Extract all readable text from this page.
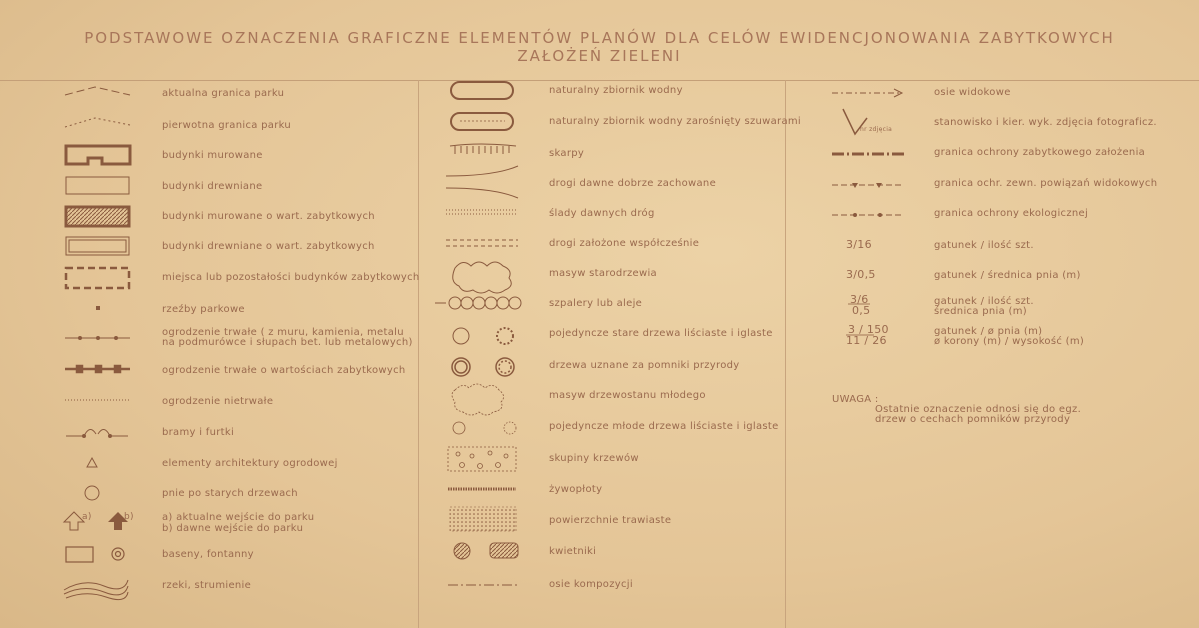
PODSTAWOWE OZNACZENIA GRAFICZNE ELEMENTÓW PLANÓW DLA CELÓW EWIDENCJONOWANIA ZABYTKOWYCH
ZAŁOŻEŃ ZIELENI
aktualna granica parku
pierwotna granica parku
budynki murowane
budynki drewniane
budynki murowane o wart. zabytkowych
budynki drewniane o wart. zabytkowych
miejsca lub pozostałości budynków zabytkowych
rzeźby parkowe
ogrodzenie trwałe ( z muru, kamienia, metalu
na podmurówce i słupach bet. lub metalowych)
ogrodzenie trwałe o wartościach zabytkowych
ogrodzenie nietrwałe
bramy i furtki
elementy architektury ogrodowej
pnie po starych drzewach
a) aktualne wejście do parku
b) dawne wejście do parku
baseny, fontanny
rzeki, strumienie
naturalny zbiornik wodny
naturalny zbiornik wodny zarośnięty szuwarami
skarpy
drogi dawne dobrze zachowane
ślady dawnych dróg
drogi założone współcześnie
masyw starodrzewia
szpalery lub aleje
pojedyncze stare drzewa liściaste i iglaste
drzewa uznane za pomniki przyrody
masyw drzewostanu młodego
pojedyncze młode drzewa liściaste i iglaste
skupiny krzewów
żywopłoty
powierzchnie trawiaste
kwietniki
osie kompozycji
osie widokowe
stanowisko i kier. wyk. zdjęcia fotograficz.
granica ochrony zabytkowego założenia
granica ochr. zewn. powiązań widokowych
granica ochrony ekologicznej
gatunek / ilość szt.
gatunek / średnica pnia (m)
gatunek / ilość szt.
średnica pnia (m)
gatunek / ø pnia (m)
ø korony (m) / wysokość (m)
UWAGA :
Ostatnie oznaczenie odnosi się do egz.
drzew o cechach pomników przyrody
a)	b)
nr zdjęcia
3/16
3/0,5
3/6
0,5
3 / 150
11 / 26
